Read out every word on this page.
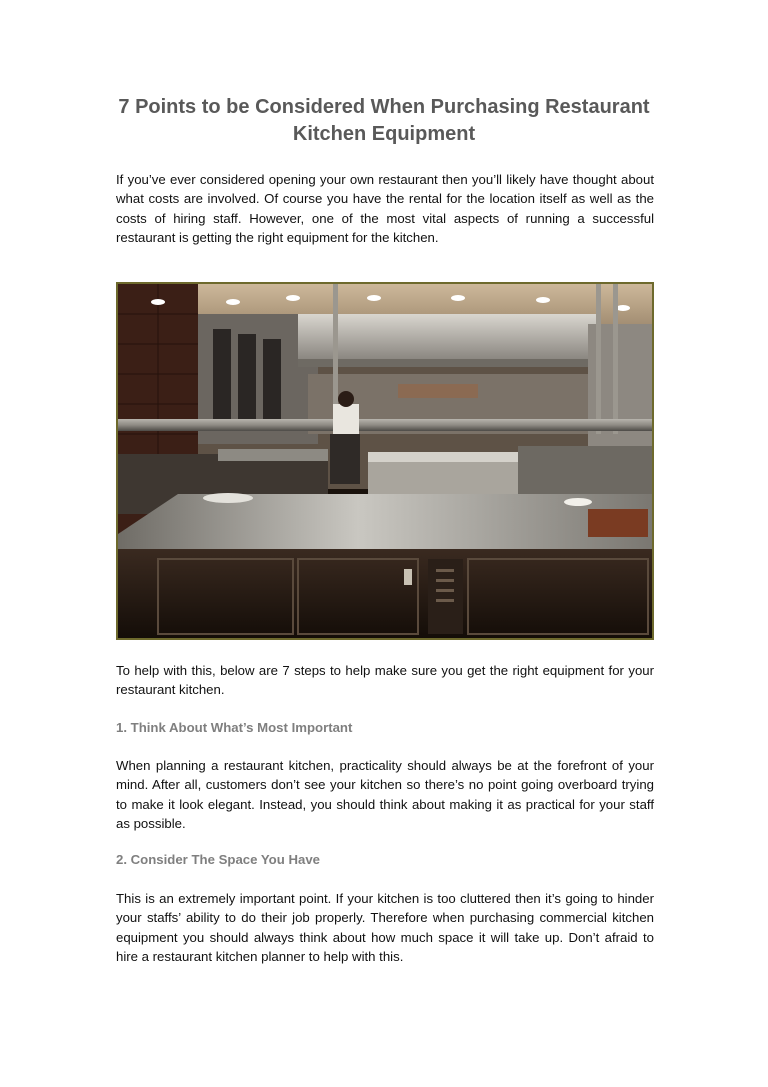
7 Points to be Considered When Purchasing Restaurant Kitchen Equipment

If you’ve ever considered opening your own restaurant then you’ll likely have thought about what costs are involved. Of course you have the rental for the location itself as well as the costs of hiring staff. However, one of the most vital aspects of running a successful restaurant is getting the right equipment for the kitchen.

To help with this, below are 7 steps to help make sure you get the right equipment for your restaurant kitchen.

1. Think About What’s Most Important

When planning a restaurant kitchen, practicality should always be at the forefront of your mind. After all, customers don’t see your kitchen so there’s no point going overboard trying to make it look elegant. Instead, you should think about making it as practical for your staff as possible.

2. Consider The Space You Have

This is an extremely important point. If your kitchen is too cluttered then it’s going to hinder your staffs’ ability to do their job properly. Therefore when purchasing commercial kitchen equipment you should always think about how much space it will take up. Don’t afraid to hire a restaurant kitchen planner to help with this.
